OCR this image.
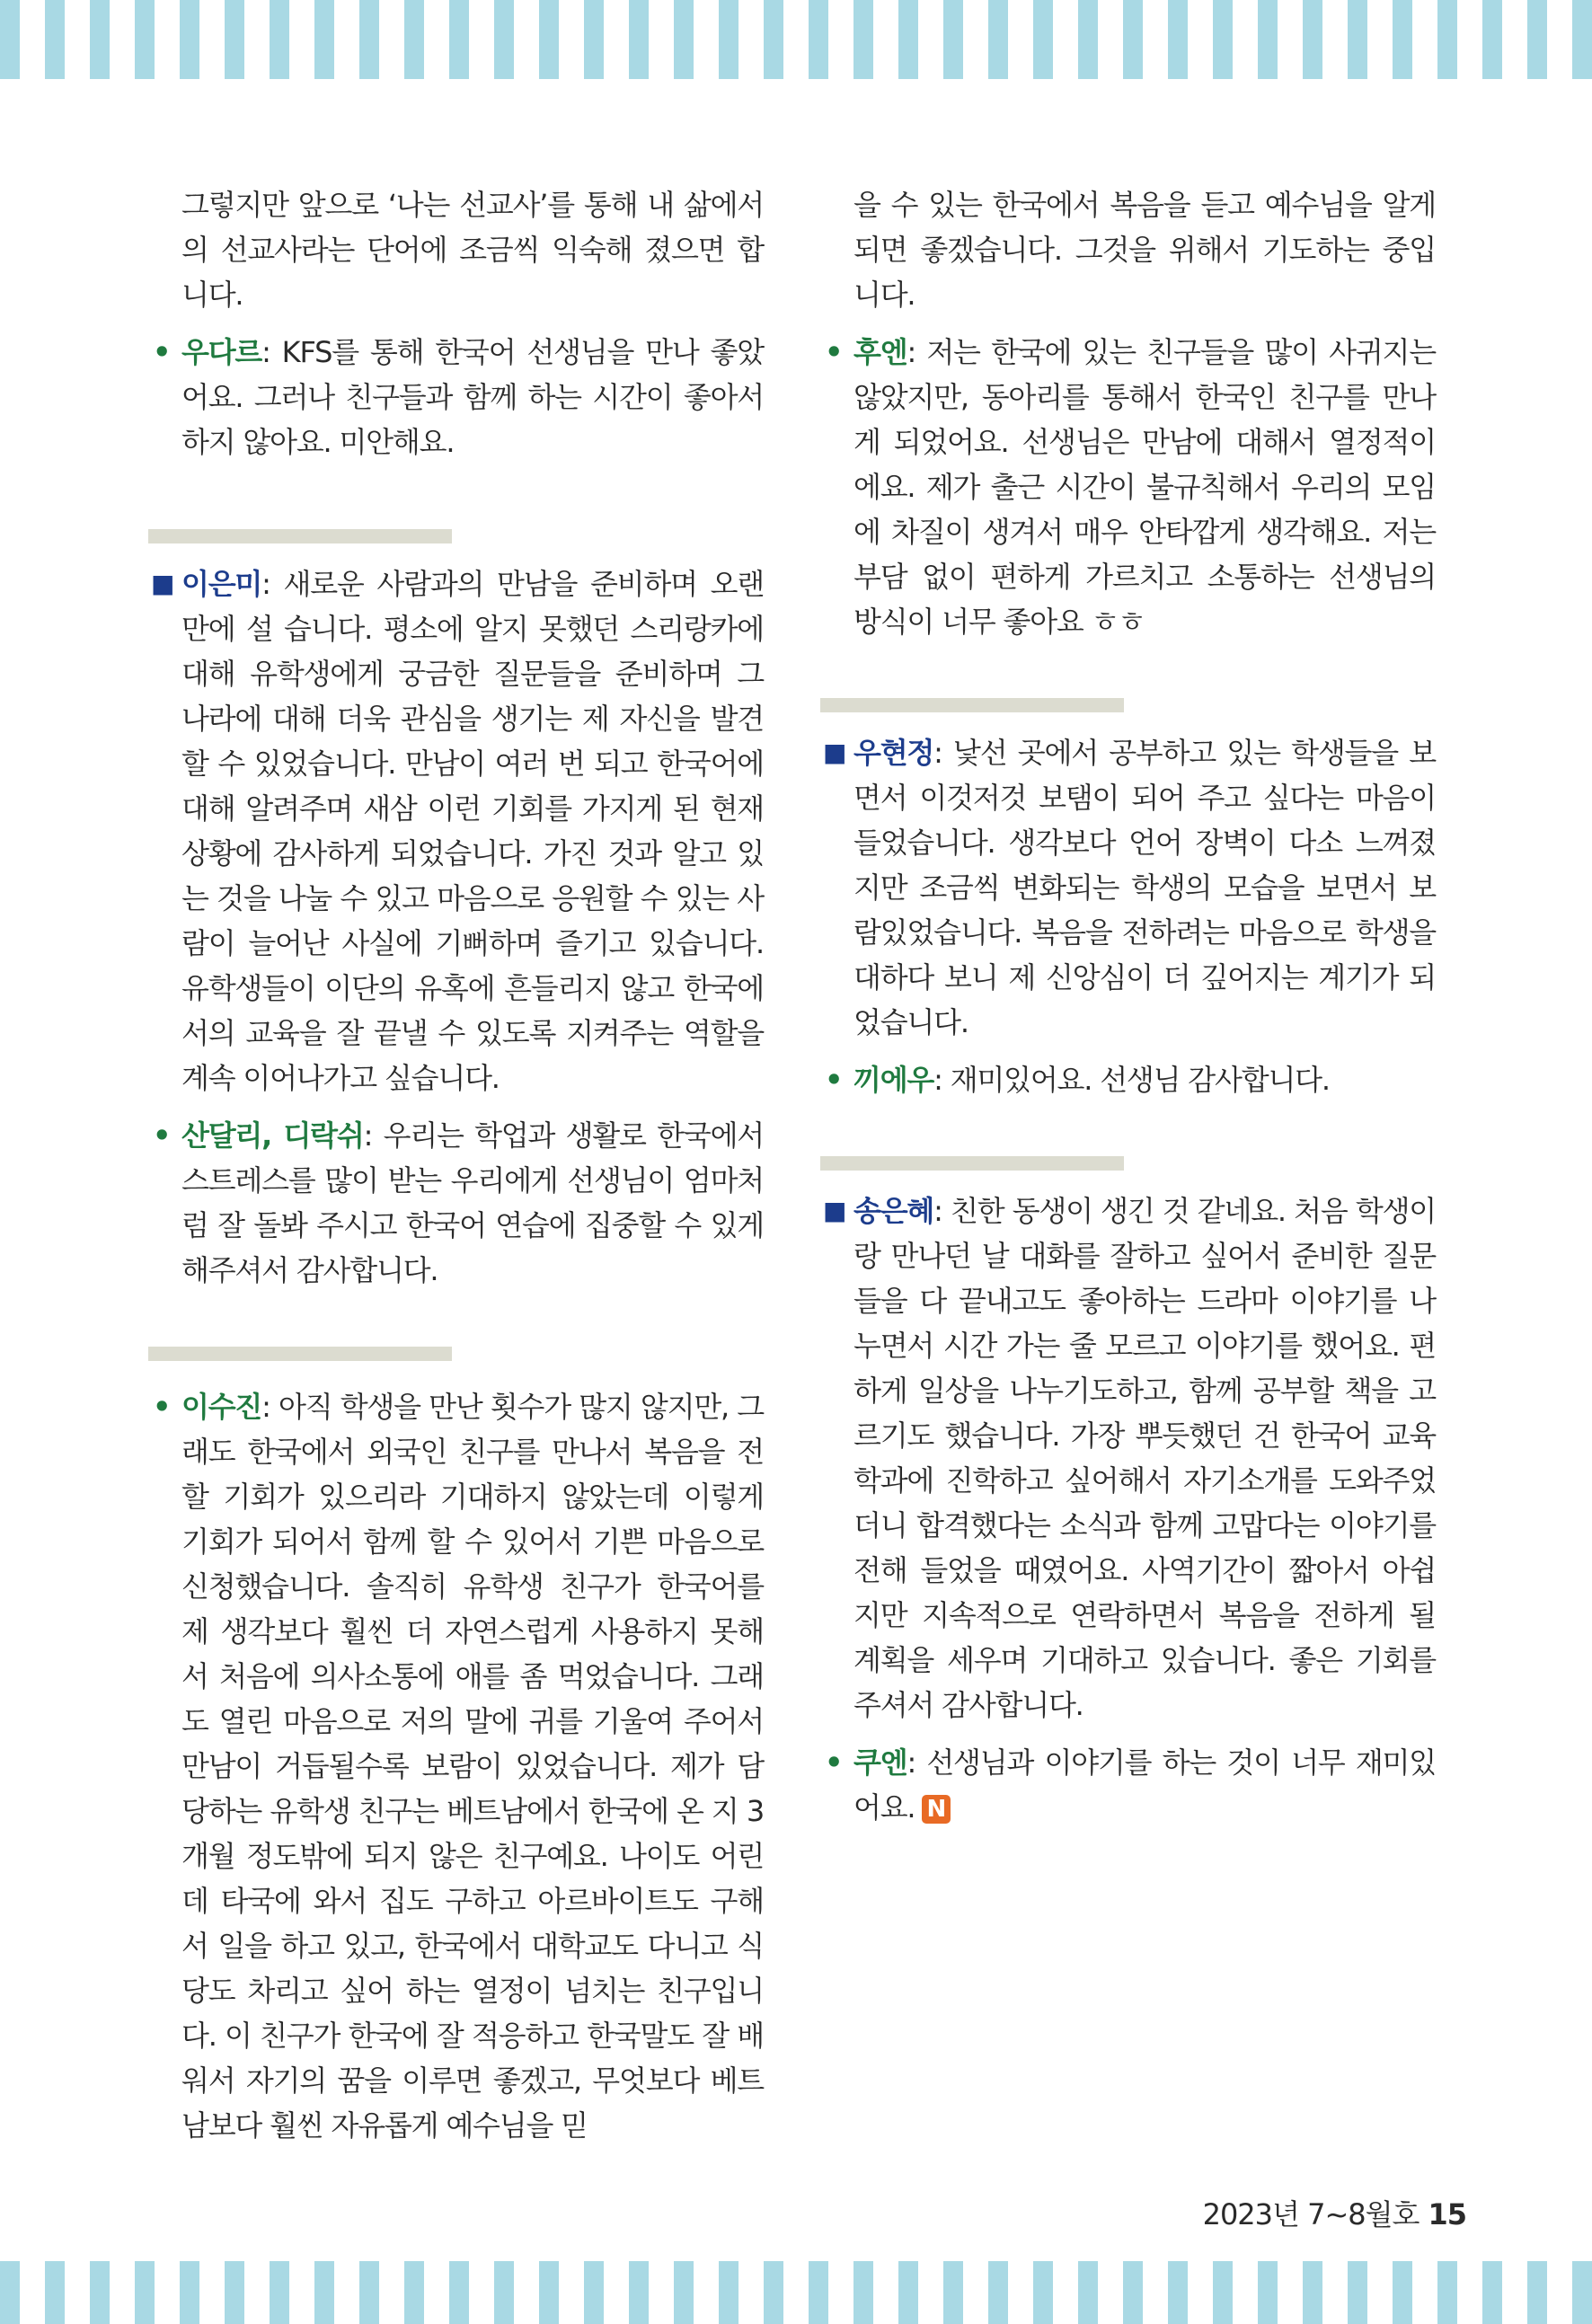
그렇지만 앞으로 ‘나는 선교사’를 통해 내 삶에서의 선교사라는 단어에 조금씩 익숙해 졌으면 합니다.

• 우다르: KFS를 통해 한국어 선생님을 만나 좋았어요. 그러나 친구들과 함께 하는 시간이 좋아서 하지 않아요. 미안해요.

■ 이은미: 새로운 사람과의 만남을 준비하며 오랜만에 설 습니다. 평소에 알지 못했던 스리랑카에 대해 유학생에게 궁금한 질문들을 준비하며 그 나라에 대해 더욱 관심을 생기는 제 자신을 발견할 수 있었습니다. 만남이 여러 번 되고 한국어에 대해 알려주며 새삼 이런 기회를 가지게 된 현재 상황에 감사하게 되었습니다. 가진 것과 알고 있는 것을 나눌 수 있고 마음으로 응원할 수 있는 사람이 늘어난 사실에 기뻐하며 즐기고 있습니다. 유학생들이 이단의 유혹에 흔들리지 않고 한국에서의 교육을 잘 끝낼 수 있도록 지켜주는 역할을 계속 이어나가고 싶습니다.

• 산달리, 디락쉬: 우리는 학업과 생활로 한국에서 스트레스를 많이 받는 우리에게 선생님이 엄마처럼 잘 돌봐 주시고 한국어 연습에 집중할 수 있게 해주셔서 감사합니다.

• 이수진: 아직 학생을 만난 횟수가 많지 않지만, 그래도 한국에서 외국인 친구를 만나서 복음을 전할 기회가 있으리라 기대하지 않았는데 이렇게 기회가 되어서 함께 할 수 있어서 기쁜 마음으로 신청했습니다. 솔직히 유학생 친구가 한국어를 제 생각보다 훨씬 더 자연스럽게 사용하지 못해서 처음에 의사소통에 애를 좀 먹었습니다. 그래도 열린 마음으로 저의 말에 귀를 기울여 주어서 만남이 거듭될수록 보람이 있었습니다. 제가 담당하는 유학생 친구는 베트남에서 한국에 온 지 3개월 정도밖에 되지 않은 친구예요. 나이도 어린데 타국에 와서 집도 구하고 아르바이트도 구해서 일을 하고 있고, 한국에서 대학교도 다니고 식당도 차리고 싶어 하는 열정이 넘치는 친구입니다. 이 친구가 한국에 잘 적응하고 한국말도 잘 배워서 자기의 꿈을 이루면 좋겠고, 무엇보다 베트남보다 훨씬 자유롭게 예수님을 믿

을 수 있는 한국에서 복음을 듣고 예수님을 알게 되면 좋겠습니다. 그것을 위해서 기도하는 중입니다.

• 후엔: 저는 한국에 있는 친구들을 많이 사귀지는 않았지만, 동아리를 통해서 한국인 친구를 만나게 되었어요. 선생님은 만남에 대해서 열정적이에요. 제가 출근 시간이 불규칙해서 우리의 모임에 차질이 생겨서 매우 안타깝게 생각해요. 저는 부담 없이 편하게 가르치고 소통하는 선생님의 방식이 너무 좋아요 ㅎㅎ

■ 우현정: 낯선 곳에서 공부하고 있는 학생들을 보면서 이것저것 보탬이 되어 주고 싶다는 마음이 들었습니다. 생각보다 언어 장벽이 다소 느껴졌지만 조금씩 변화되는 학생의 모습을 보면서 보람있었습니다. 복음을 전하려는 마음으로 학생을 대하다 보니 제 신앙심이 더 깊어지는 계기가 되었습니다.

• 끼에우: 재미있어요. 선생님 감사합니다.

■ 송은혜: 친한 동생이 생긴 것 같네요. 처음 학생이랑 만나던 날 대화를 잘하고 싶어서 준비한 질문들을 다 끝내고도 좋아하는 드라마 이야기를 나누면서 시간 가는 줄 모르고 이야기를 했어요. 편하게 일상을 나누기도하고, 함께 공부할 책을 고르기도 했습니다. 가장 뿌듯했던 건 한국어 교육학과에 진학하고 싶어해서 자기소개를 도와주었더니 합격했다는 소식과 함께 고맙다는 이야기를 전해 들었을 때였어요. 사역기간이 짧아서 아쉽지만 지속적으로 연락하면서 복음을 전하게 될 계획을 세우며 기대하고 있습니다. 좋은 기회를 주셔서 감사합니다.

• 쿠엔: 선생님과 이야기를 하는 것이 너무 재미있어요. N

2023년 7~8월호 15
